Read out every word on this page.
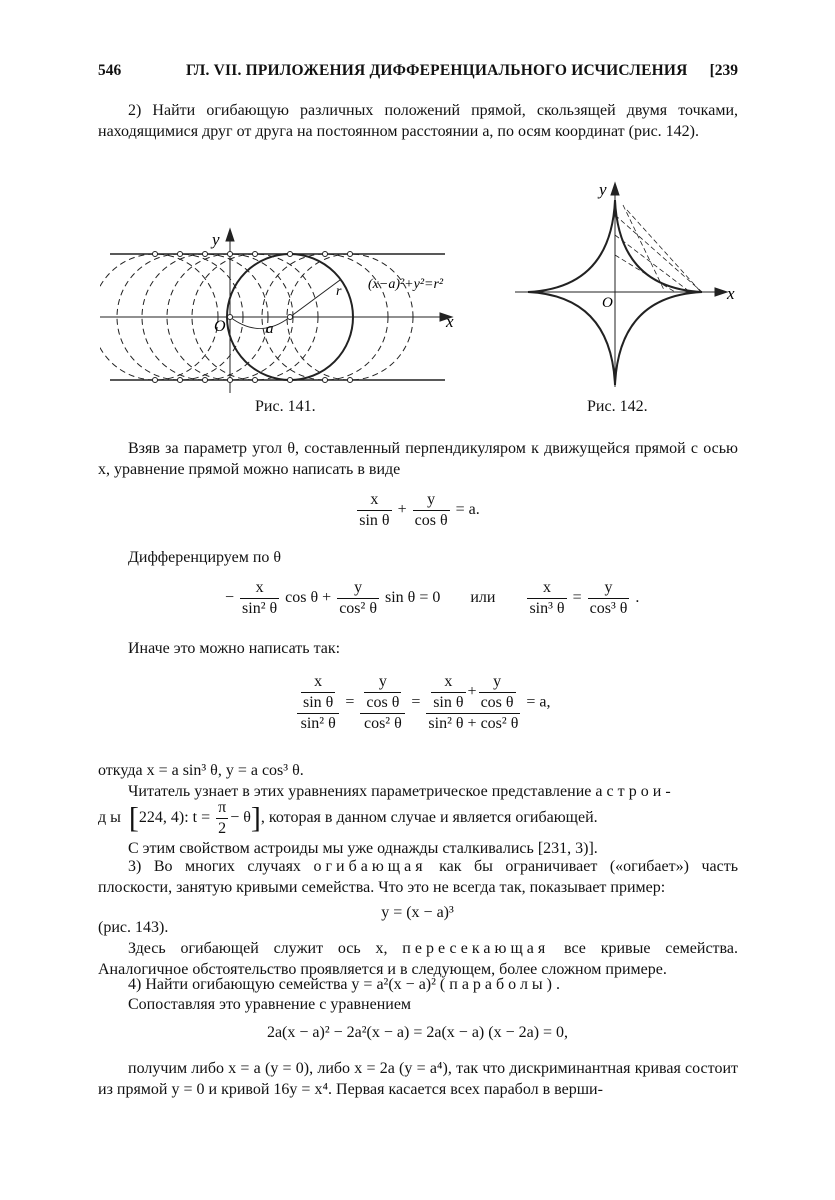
546	ГЛ. VII. ПРИЛОЖЕНИЯ ДИФФЕРЕНЦИАЛЬНОГО ИСЧИСЛЕНИЯ [239
2) Найти огибающую различных положений прямой, скользящей двумя точками, находящимися друг от друга на постоянном расстоянии a, по осям координат (рис. 142).
y
x
O	a
r (x−a)²+y²=r²
Рис. 141.
y
x
O
Рис. 142.
Взяв за параметр угол θ, составленный перпендикуляром к движущейся прямой с осью x, уравнение прямой можно написать в виде
$\frac{x}{\text{sin θ}} + \frac{y}{\text{cos θ}} = a$.
Дифференцируем по θ
− $\frac{x}{\text{sin² θ}}$ $\cos \theta + \frac{y}{\text{cos² θ}}$ sin θ = 0 или $\frac{x}{\text{sin³ θ}} = \frac{y}{\text{cos³ θ}}$ .
Иначе это можно написать так:
$\frac{\frac{x}{\text{sin θ}}}{\text{sin² θ}} = \frac{\frac{y}{\text{cos θ}}}{\text{cos² θ}} = \frac{\frac{x}{\text{sin θ}} + \frac{y}{\text{cos θ}}}{\text{sin² θ + cos² θ}} = a$,
откуда x = a sin³ θ, y = a cos³ θ.
Читатель узнает в этих уравнениях параметрическое представление астрои-
ды [224, 4): $t = \frac{\pi}{2} - \theta$], которая в данном случае и является огибающей.
С этим свойством астроиды мы уже однажды сталкивались [231, 3)].
3) Во многих случаях огибающая как бы ограничивает («огибает») часть плоскости, занятую кривыми семейства. Что это не всегда так, показывает пример:
y = (x − a)³
(рис. 143).
Здесь огибающей служит ось x, пересекающая все кривые семейства. Аналогичное обстоятельство проявляется и в следующем, более сложном примере.
4) Найти огибающую семейства y = a²(x − a)² (параболы).
Сопоставляя это уравнение с уравнением
2a(x − a)² − 2a²(x − a) = 2a(x − a) (x − 2a) = 0,
получим либо x = a (y = 0), либо x = 2a (y = a⁴), так что дискриминантная кривая состоит из прямой y = 0 и кривой 16y = x⁴. Первая касается всех парабол в верши-
